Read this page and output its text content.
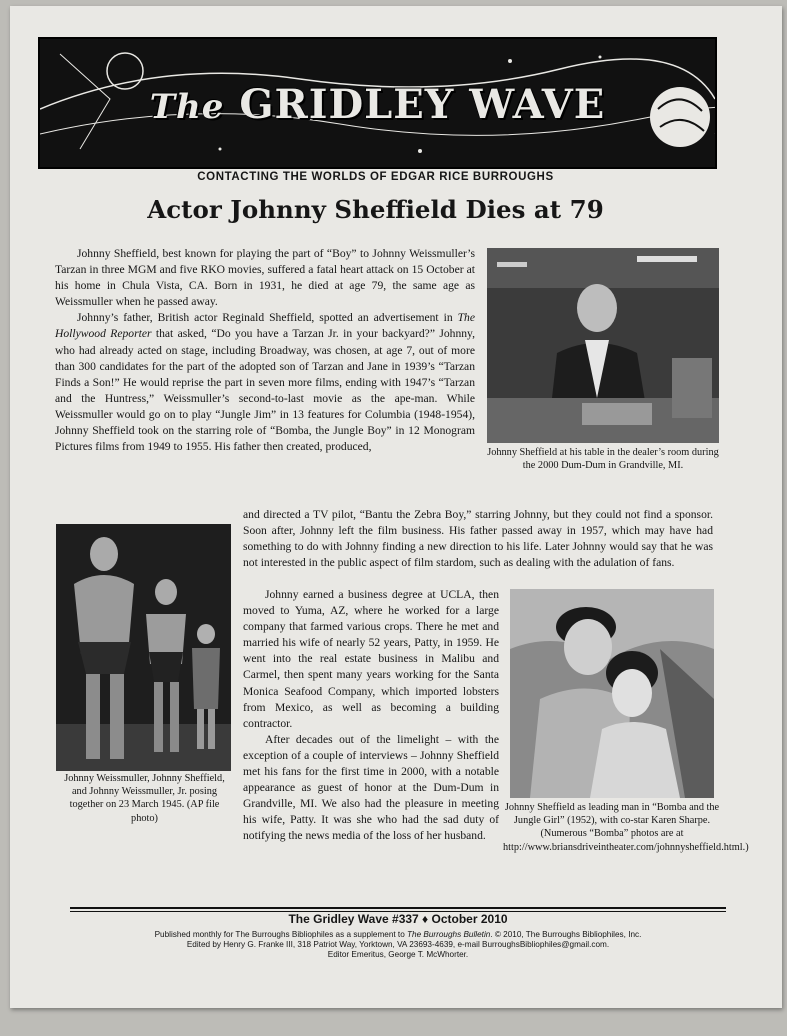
The GRIDLEY WAVE
CONTACTING THE WORLDS OF EDGAR RICE BURROUGHS
Actor Johnny Sheffield Dies at 79

Johnny Sheffield, best known for playing the part of “Boy” to Johnny Weissmuller’s Tarzan in three MGM and five RKO movies, suffered a fatal heart attack on 15 October at his home in Chula Vista, CA. Born in 1931, he died at age 79, the same age as Weissmuller when he passed away.

Johnny’s father, British actor Reginald Sheffield, spotted an advertisement in The Hollywood Reporter that asked, “Do you have a Tarzan Jr. in your backyard?” Johnny, who had already acted on stage, including Broadway, was chosen, at age 7, out of more than 300 candidates for the part of the adopted son of Tarzan and Jane in 1939’s “Tarzan Finds a Son!” He would reprise the part in seven more films, ending with 1947’s “Tarzan and the Huntress,” Weissmuller’s second-to-last movie as the ape-man. While Weissmuller would go on to play “Jungle Jim” in 13 features for Columbia (1948-1954), Johnny Sheffield took on the starring role of “Bomba, the Jungle Boy” in 12 Monogram Pictures films from 1949 to 1955. His father then created, produced,

and directed a TV pilot, “Bantu the Zebra Boy,” starring Johnny, but they could not find a sponsor. Soon after, Johnny left the film business. His father passed away in 1957, which may have had something to do with Johnny finding a new direction to his life. Later Johnny would say that he was not interested in the public aspect of film stardom, such as dealing with the adulation of fans.

Johnny earned a business degree at UCLA, then moved to Yuma, AZ, where he worked for a large company that farmed various crops. There he met and married his wife of nearly 52 years, Patty, in 1959. He went into the real estate business in Malibu and Carmel, then spent many years working for the Santa Monica Seafood Company, which imported lobsters from Mexico, as well as becoming a building contractor.

After decades out of the limelight – with the exception of a couple of interviews – Johnny Sheffield met his fans for the first time in 2000, with a notable appearance as guest of honor at the Dum-Dum in Grandville, MI. We also had the pleasure in meeting his wife, Patty. It was she who had the sad duty of notifying the news media of the loss of her husband.

Johnny Sheffield at his table in the dealer’s room during the 2000 Dum-Dum in Grandville, MI.
Johnny Weissmuller, Johnny Sheffield, and Johnny Weissmuller, Jr. posing together on 23 March 1945. (AP file photo)
Johnny Sheffield as leading man in “Bomba and the Jungle Girl” (1952), with co-star Karen Sharpe. (Numerous “Bomba” photos are at http://www.briansdriveintheater.com/johnnysheffield.html.)
The Gridley Wave #337 ♦ October 2010
Published monthly for The Burroughs Bibliophiles as a supplement to The Burroughs Bulletin. © 2010, The Burroughs Bibliophiles, Inc.
Edited by Henry G. Franke III, 318 Patriot Way, Yorktown, VA 23693-4639, e-mail BurroughsBibliophiles@gmail.com.
Editor Emeritus, George T. McWhorter.
